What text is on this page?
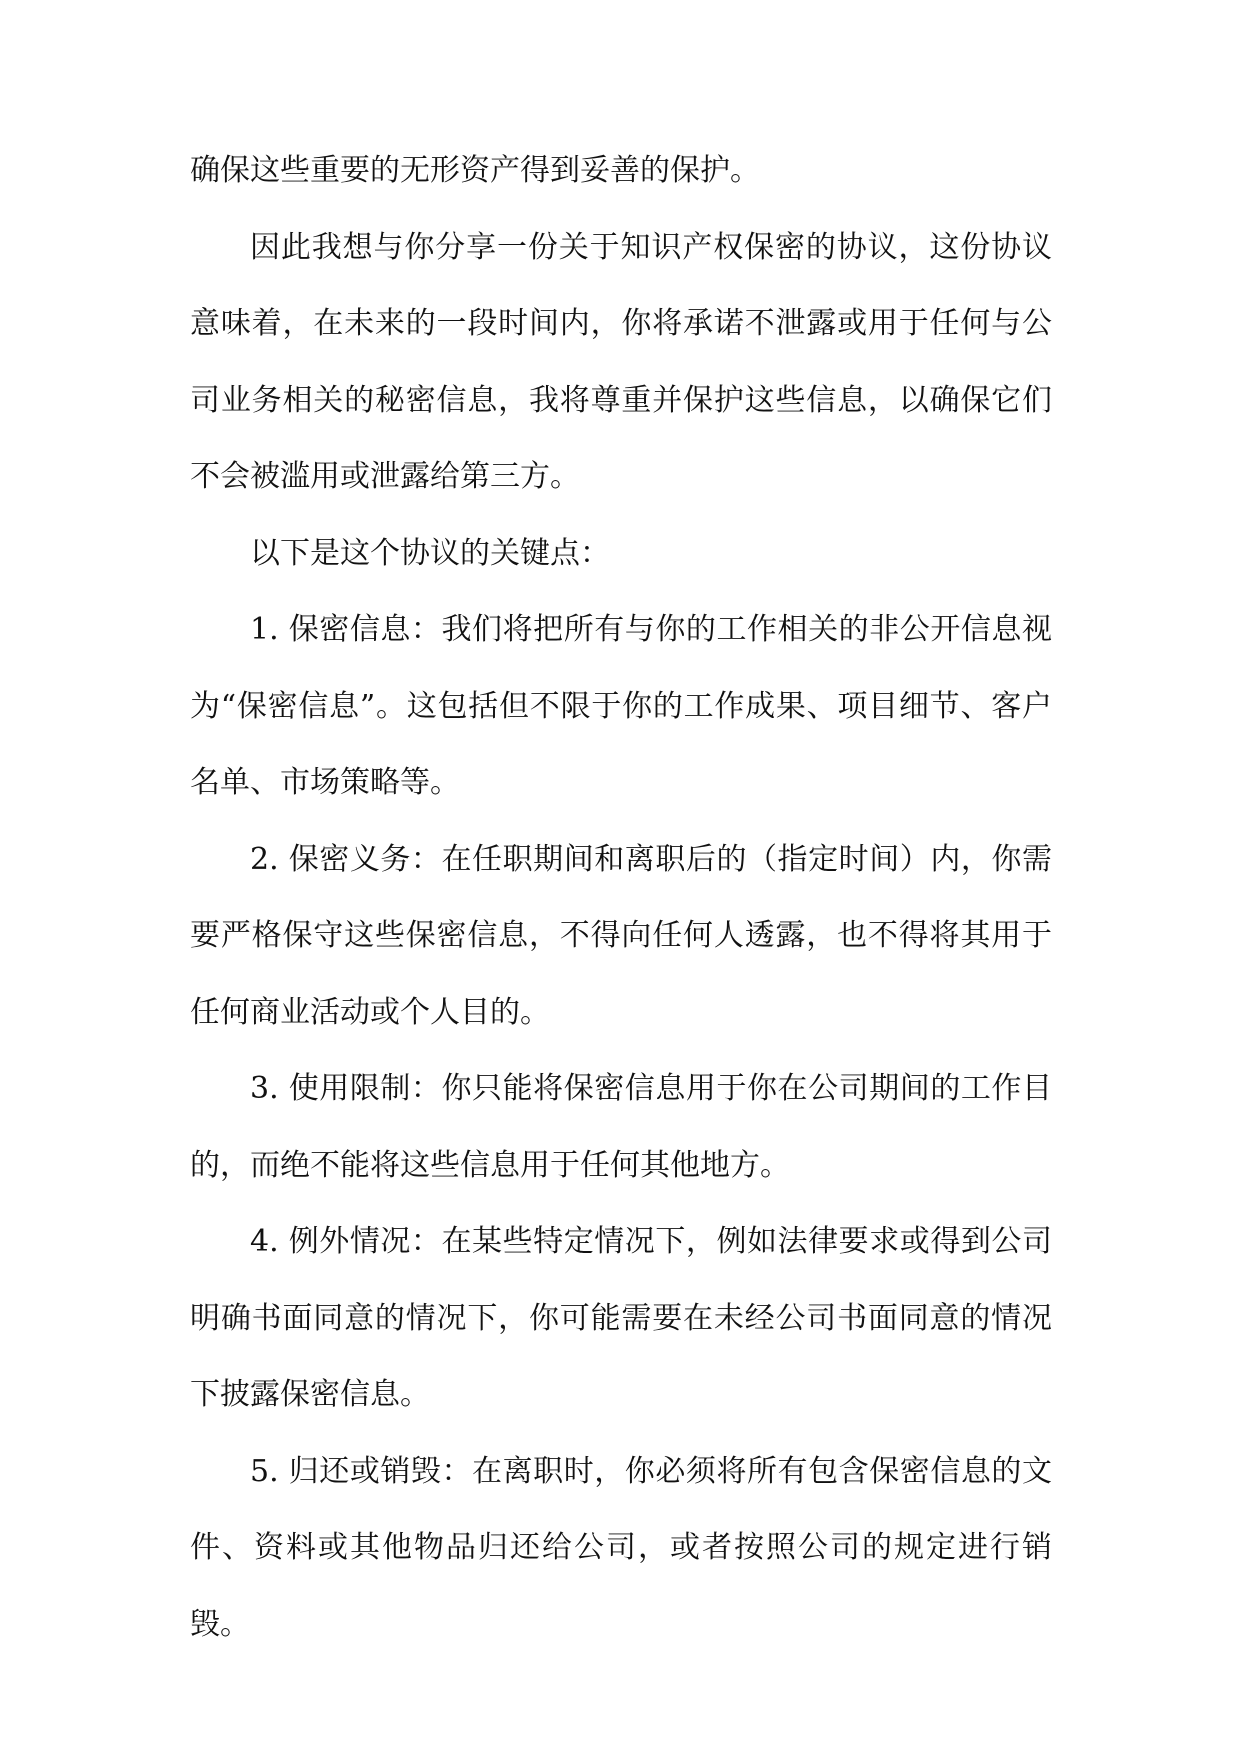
确保这些重要的无形资产得到妥善的保护。

因此我想与你分享一份关于知识产权保密的协议，这份协议意味着，在未来的一段时间内，你将承诺不泄露或用于任何与公司业务相关的秘密信息，我将尊重并保护这些信息，以确保它们不会被滥用或泄露给第三方。

以下是这个协议的关键点：

1. 保密信息：我们将把所有与你的工作相关的非公开信息视为“保密信息”。这包括但不限于你的工作成果、项目细节、客户名单、市场策略等。

2. 保密义务：在任职期间和离职后的（指定时间）内，你需要严格保守这些保密信息，不得向任何人透露，也不得将其用于任何商业活动或个人目的。

3. 使用限制：你只能将保密信息用于你在公司期间的工作目的，而绝不能将这些信息用于任何其他地方。

4. 例外情况：在某些特定情况下，例如法律要求或得到公司明确书面同意的情况下，你可能需要在未经公司书面同意的情况下披露保密信息。

5. 归还或销毁：在离职时，你必须将所有包含保密信息的文件、资料或其他物品归还给公司，或者按照公司的规定进行销毁。
